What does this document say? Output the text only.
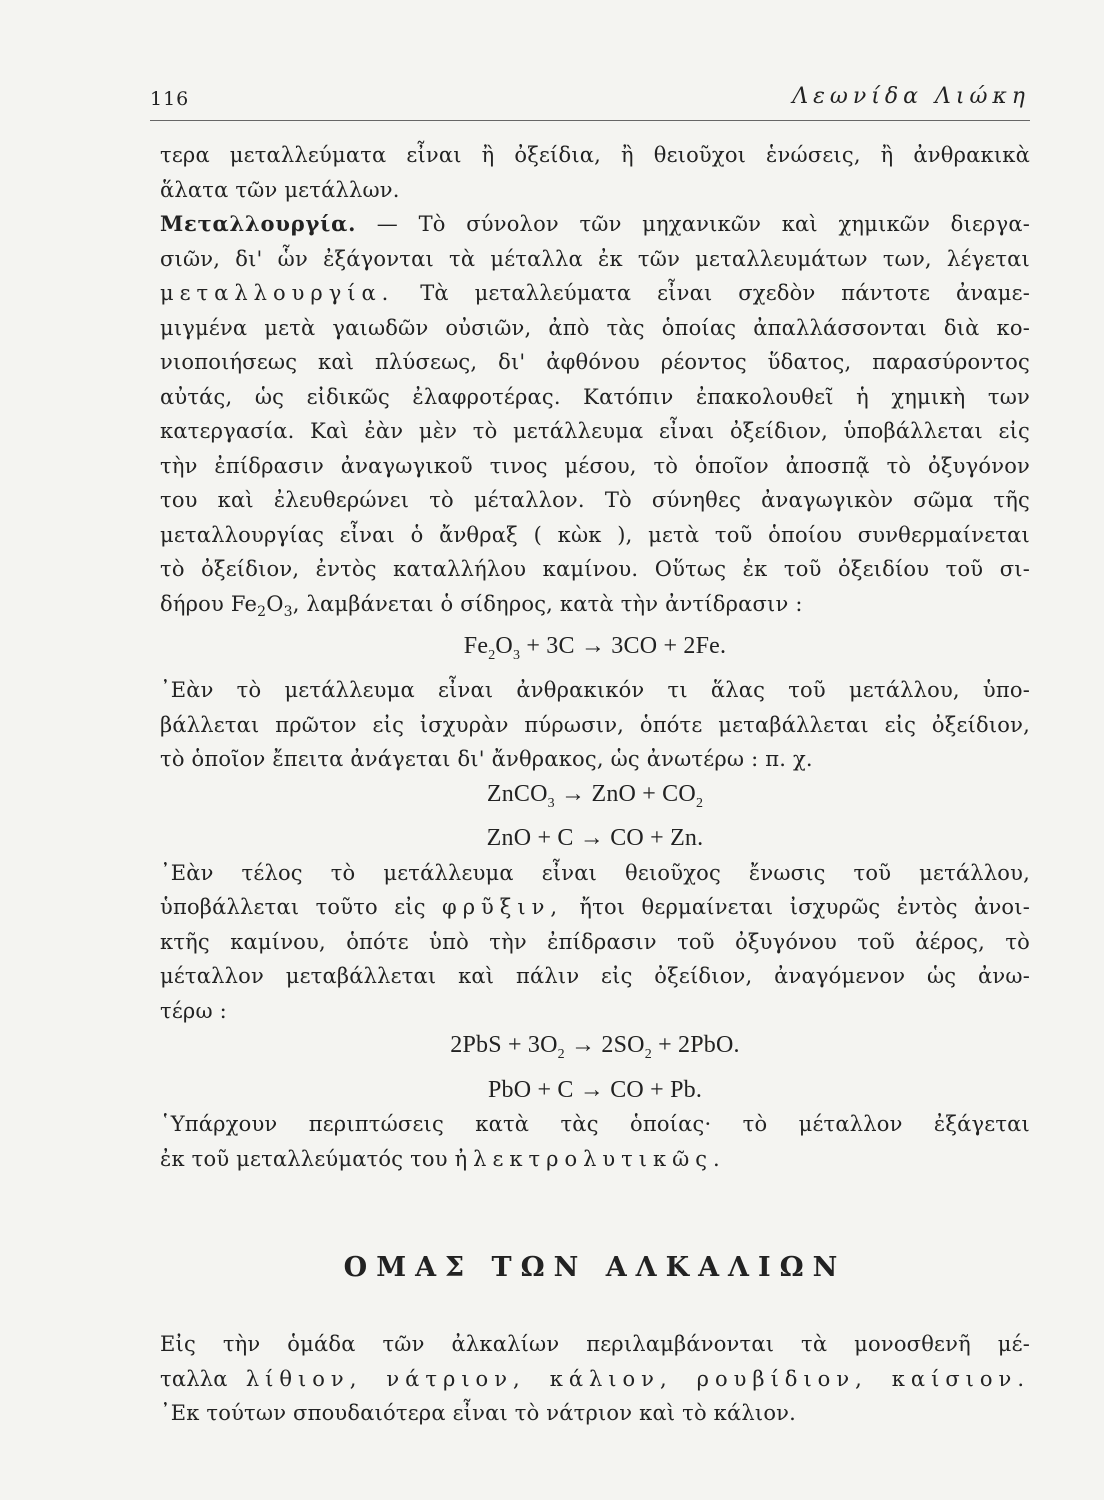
116	Λεωνίδα Λιώκη
τερα μεταλλεύματα εἶναι ἢ ὀξείδια, ἢ θειοῦχοι ἑνώσεις, ἢ ἀνθρακικὰ
ἅλατα τῶν μετάλλων.
Μεταλλουργία. — Τὸ σύνολον τῶν μηχανικῶν καὶ χημικῶν διεργα-
σιῶν, δι' ὧν ἐξάγονται τὰ μέταλλα ἐκ τῶν μεταλλευμάτων των, λέγεται
μεταλλουργία. Τὰ μεταλλεύματα εἶναι σχεδὸν πάντοτε ἀναμε-
μιγμένα μετὰ γαιωδῶν οὐσιῶν, ἀπὸ τὰς ὁποίας ἀπαλλάσσονται διὰ κο-
νιοποιήσεως καὶ πλύσεως, δι' ἀφθόνου ρέοντος ὕδατος, παρασύροντος
αὐτάς, ὡς εἰδικῶς ἐλαφροτέρας. Κατόπιν ἐπακολουθεῖ ἡ χημικὴ των
κατεργασία. Καὶ ἐὰν μὲν τὸ μετάλλευμα εἶναι ὀξείδιον, ὑποβάλλεται εἰς
τὴν ἐπίδρασιν ἀναγωγικοῦ τινος μέσου, τὸ ὁποῖον ἀποσπᾷ τὸ ὀξυγόνον
του καὶ ἐλευθερώνει τὸ μέταλλον. Τὸ σύνηθες ἀναγωγικὸν σῶμα τῆς
μεταλλουργίας εἶναι ὁ ἄνθραξ ( κὼκ ), μετὰ τοῦ ὁποίου συνθερμαίνεται
τὸ ὀξείδιον, ἐντὸς καταλλήλου καμίνου. Οὕτως ἐκ τοῦ ὀξειδίου τοῦ σι-
δήρου $Fe_2O_3$, λαμβάνεται ὁ σίδηρος, κατὰ τὴν ἀντίδρασιν :
$Fe_2O_3 + 3C \to 3CO + 2Fe$.
᾽Εὰν τὸ μετάλλευμα εἶναι ἀνθρακικόν τι ἅλας τοῦ μετάλλου, ὑπο-
βάλλεται πρῶτον εἰς ἰσχυρὰν πύρωσιν, ὁπότε μεταβάλλεται εἰς ὀξείδιον,
τὸ ὁποῖον ἔπειτα ἀνάγεται δι' ἄνθρακος, ὡς ἀνωτέρω : π. χ.
ZnCO$_3$ → ZnO + $CO_2$
ZnO + C → CO + Zn.
᾽Εὰν τέλος τὸ μετάλλευμα εἶναι θειοῦχος ἔνωσις τοῦ μετάλλου,
ὑποβάλλεται τοῦτο εἰς φρῦξιν, ἤτοι θερμαίνεται ἰσχυρῶς ἐντὸς ἀνοι-
κτῆς καμίνου, ὁπότε ὑπὸ τὴν ἐπίδρασιν τοῦ ὀξυγόνου τοῦ ἀέρος, τὸ
μέταλλον μεταβάλλεται καὶ πάλιν εἰς ὀξείδιον, ἀναγόμενον ὡς ἀνω-
τέρω :
$2PbS + 3O_2 \to 2SO_2 + 2PbO$.
PbO + C → CO + Pb.
῾Υπάρχουν περιπτώσεις κατὰ τὰς ὁποίας· τὸ μέταλλον ἐξάγεται
ἐκ τοῦ μεταλλεύματός του ἠλεκτρολυτικῶς.
ΟΜΑΣ ΤΩΝ ΑΛΚΑΛΙΩΝ
Εἰς τὴν ὁμάδα τῶν ἀλκαλίων περιλαμβάνονται τὰ μονοσθενῆ μέ-
ταλλα λίθιον, νάτριον, κάλιον, ρουβίδιον, καίσιον.
᾽Εκ τούτων σπουδαιότερα εἶναι τὸ νάτριον καὶ τὸ κάλιον.
